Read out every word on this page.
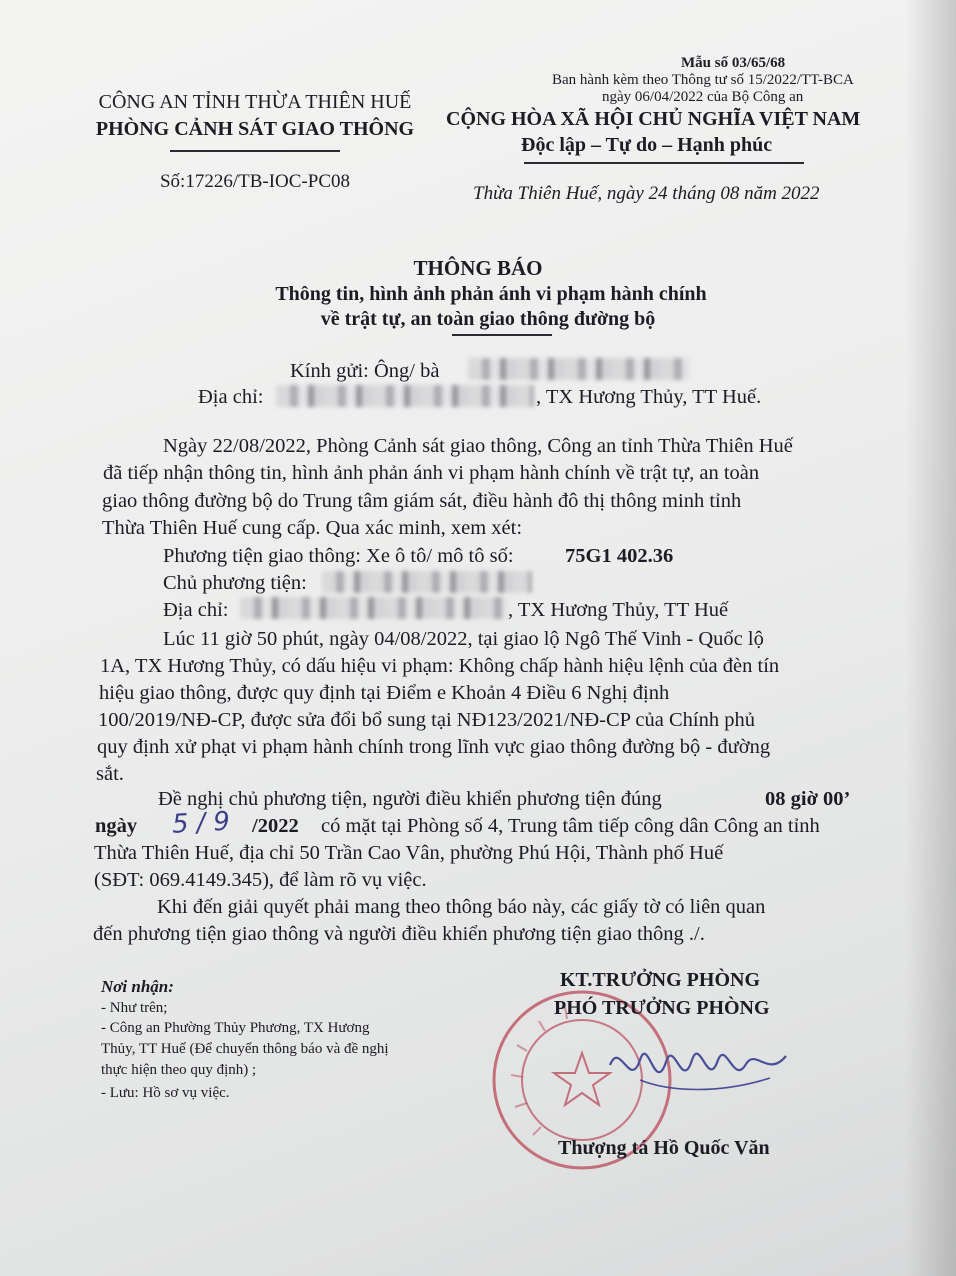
CÔNG AN TỈNH THỪA THIÊN HUẾ
PHÒNG CẢNH SÁT GIAO THÔNG
Số:17226/TB-IOC-PC08
Mẫu số 03/65/68
Ban hành kèm theo Thông tư số 15/2022/TT-BCA
ngày 06/04/2022 của Bộ Công an
CỘNG HÒA XÃ HỘI CHỦ NGHĨA VIỆT NAM
Độc lập – Tự do – Hạnh phúc
Thừa Thiên Huế, ngày 24 tháng 08 năm 2022
THÔNG BÁO
Thông tin, hình ảnh phản ánh vi phạm hành chính
về trật tự, an toàn giao thông đường bộ
Kính gửi: Ông/ bà
Địa chỉ:	, TX Hương Thủy, TT Huế.
Ngày 22/08/2022, Phòng Cảnh sát giao thông, Công an tỉnh Thừa Thiên Huế
đã tiếp nhận thông tin, hình ảnh phản ánh vi phạm hành chính về trật tự, an toàn
giao thông đường bộ do Trung tâm giám sát, điều hành đô thị thông minh tỉnh
Thừa Thiên Huế cung cấp. Qua xác minh, xem xét:
Phương tiện giao thông: Xe ô tô/ mô tô số:	75G1 402.36
Chủ phương tiện:
Địa chỉ:	, TX Hương Thủy, TT Huế
Lúc 11 giờ 50 phút, ngày 04/08/2022, tại giao lộ Ngô Thế Vinh - Quốc lộ
1A, TX Hương Thủy, có dấu hiệu vi phạm: Không chấp hành hiệu lệnh của đèn tín
hiệu giao thông, được quy định tại Điểm e Khoản 4 Điều 6 Nghị định
100/2019/NĐ-CP, được sửa đổi bổ sung tại NĐ123/2021/NĐ-CP của Chính phủ
quy định xử phạt vi phạm hành chính trong lĩnh vực giao thông đường bộ - đường
sắt.
Đề nghị chủ phương tiện, người điều khiển phương tiện đúng	08 giờ 00’
ngày 5/9 /2022 có mặt tại Phòng số 4, Trung tâm tiếp công dân Công an tỉnh
Thừa Thiên Huế, địa chỉ 50 Trần Cao Vân, phường Phú Hội, Thành phố Huế
(SĐT: 069.4149.345), để làm rõ vụ việc.
Khi đến giải quyết phải mang theo thông báo này, các giấy tờ có liên quan
đến phương tiện giao thông và người điều khiển phương tiện giao thông ./.
Nơi nhận:
- Như trên;
- Công an Phường Thủy Phương, TX Hương
Thủy, TT Huế (Để chuyển thông báo và đề nghị
thực hiện theo quy định) ;
- Lưu: Hồ sơ vụ việc.
KT.TRƯỞNG PHÒNG
PHÓ TRƯỞNG PHÒNG
Thượng tá Hồ Quốc Văn
